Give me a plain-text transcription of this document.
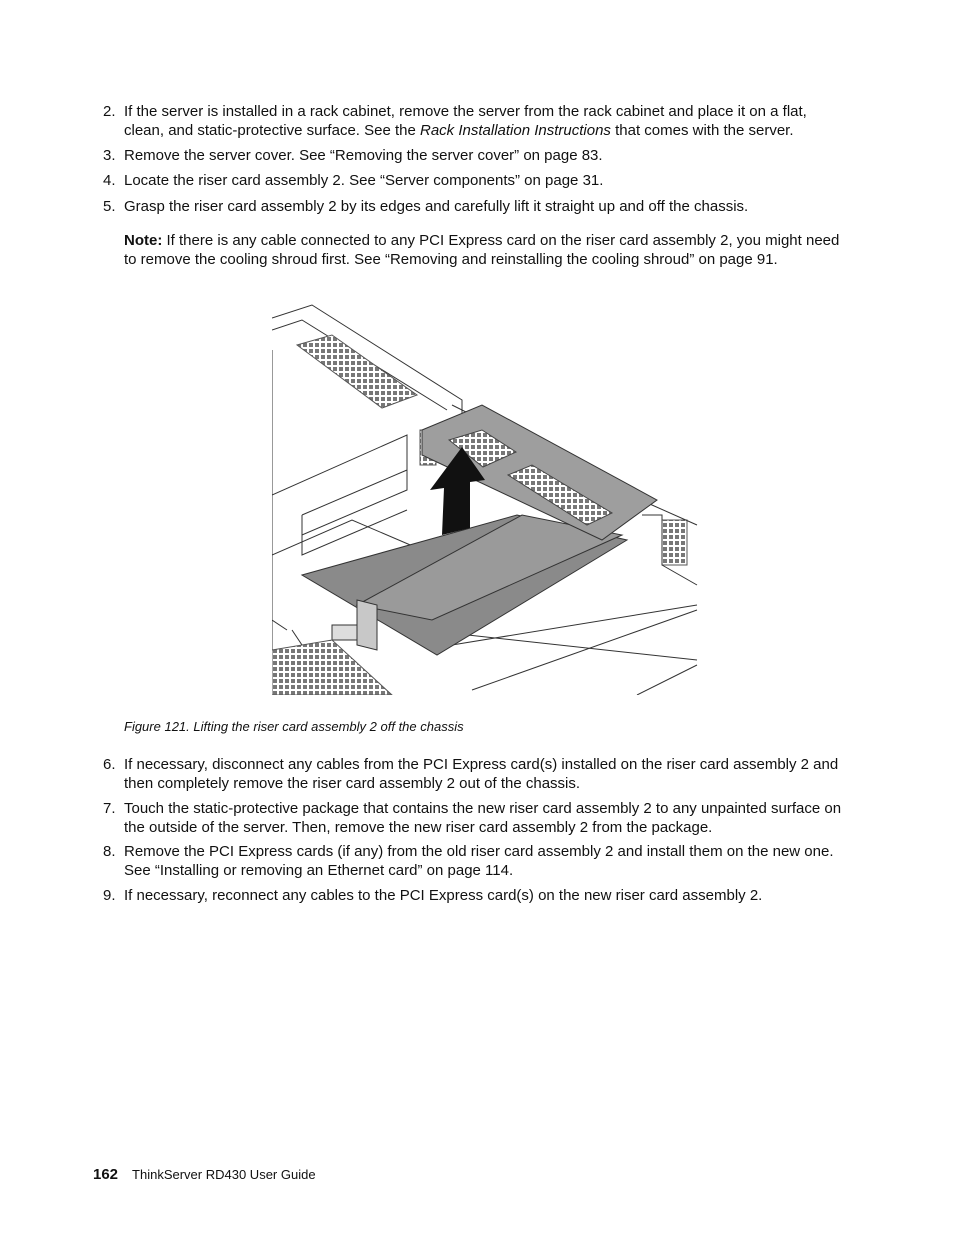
2. If the server is installed in a rack cabinet, remove the server from the rack cabinet and place it on a flat, clean, and static-protective surface. See the Rack Installation Instructions that comes with the server.
3. Remove the server cover. See “Removing the server cover” on page 83.
4. Locate the riser card assembly 2. See “Server components” on page 31.
5. Grasp the riser card assembly 2 by its edges and carefully lift it straight up and off the chassis.
Note: If there is any cable connected to any PCI Express card on the riser card assembly 2, you might need to remove the cooling shroud first. See “Removing and reinstalling the cooling shroud” on page 91.
Figure 121. Lifting the riser card assembly 2 off the chassis
6. If necessary, disconnect any cables from the PCI Express card(s) installed on the riser card assembly 2 and then completely remove the riser card assembly 2 out of the chassis.
7. Touch the static-protective package that contains the new riser card assembly 2 to any unpainted surface on the outside of the server. Then, remove the new riser card assembly 2 from the package.
8. Remove the PCI Express cards (if any) from the old riser card assembly 2 and install them on the new one. See “Installing or removing an Ethernet card” on page 114.
9. If necessary, reconnect any cables to the PCI Express card(s) on the new riser card assembly 2.
162 ThinkServer RD430 User Guide
